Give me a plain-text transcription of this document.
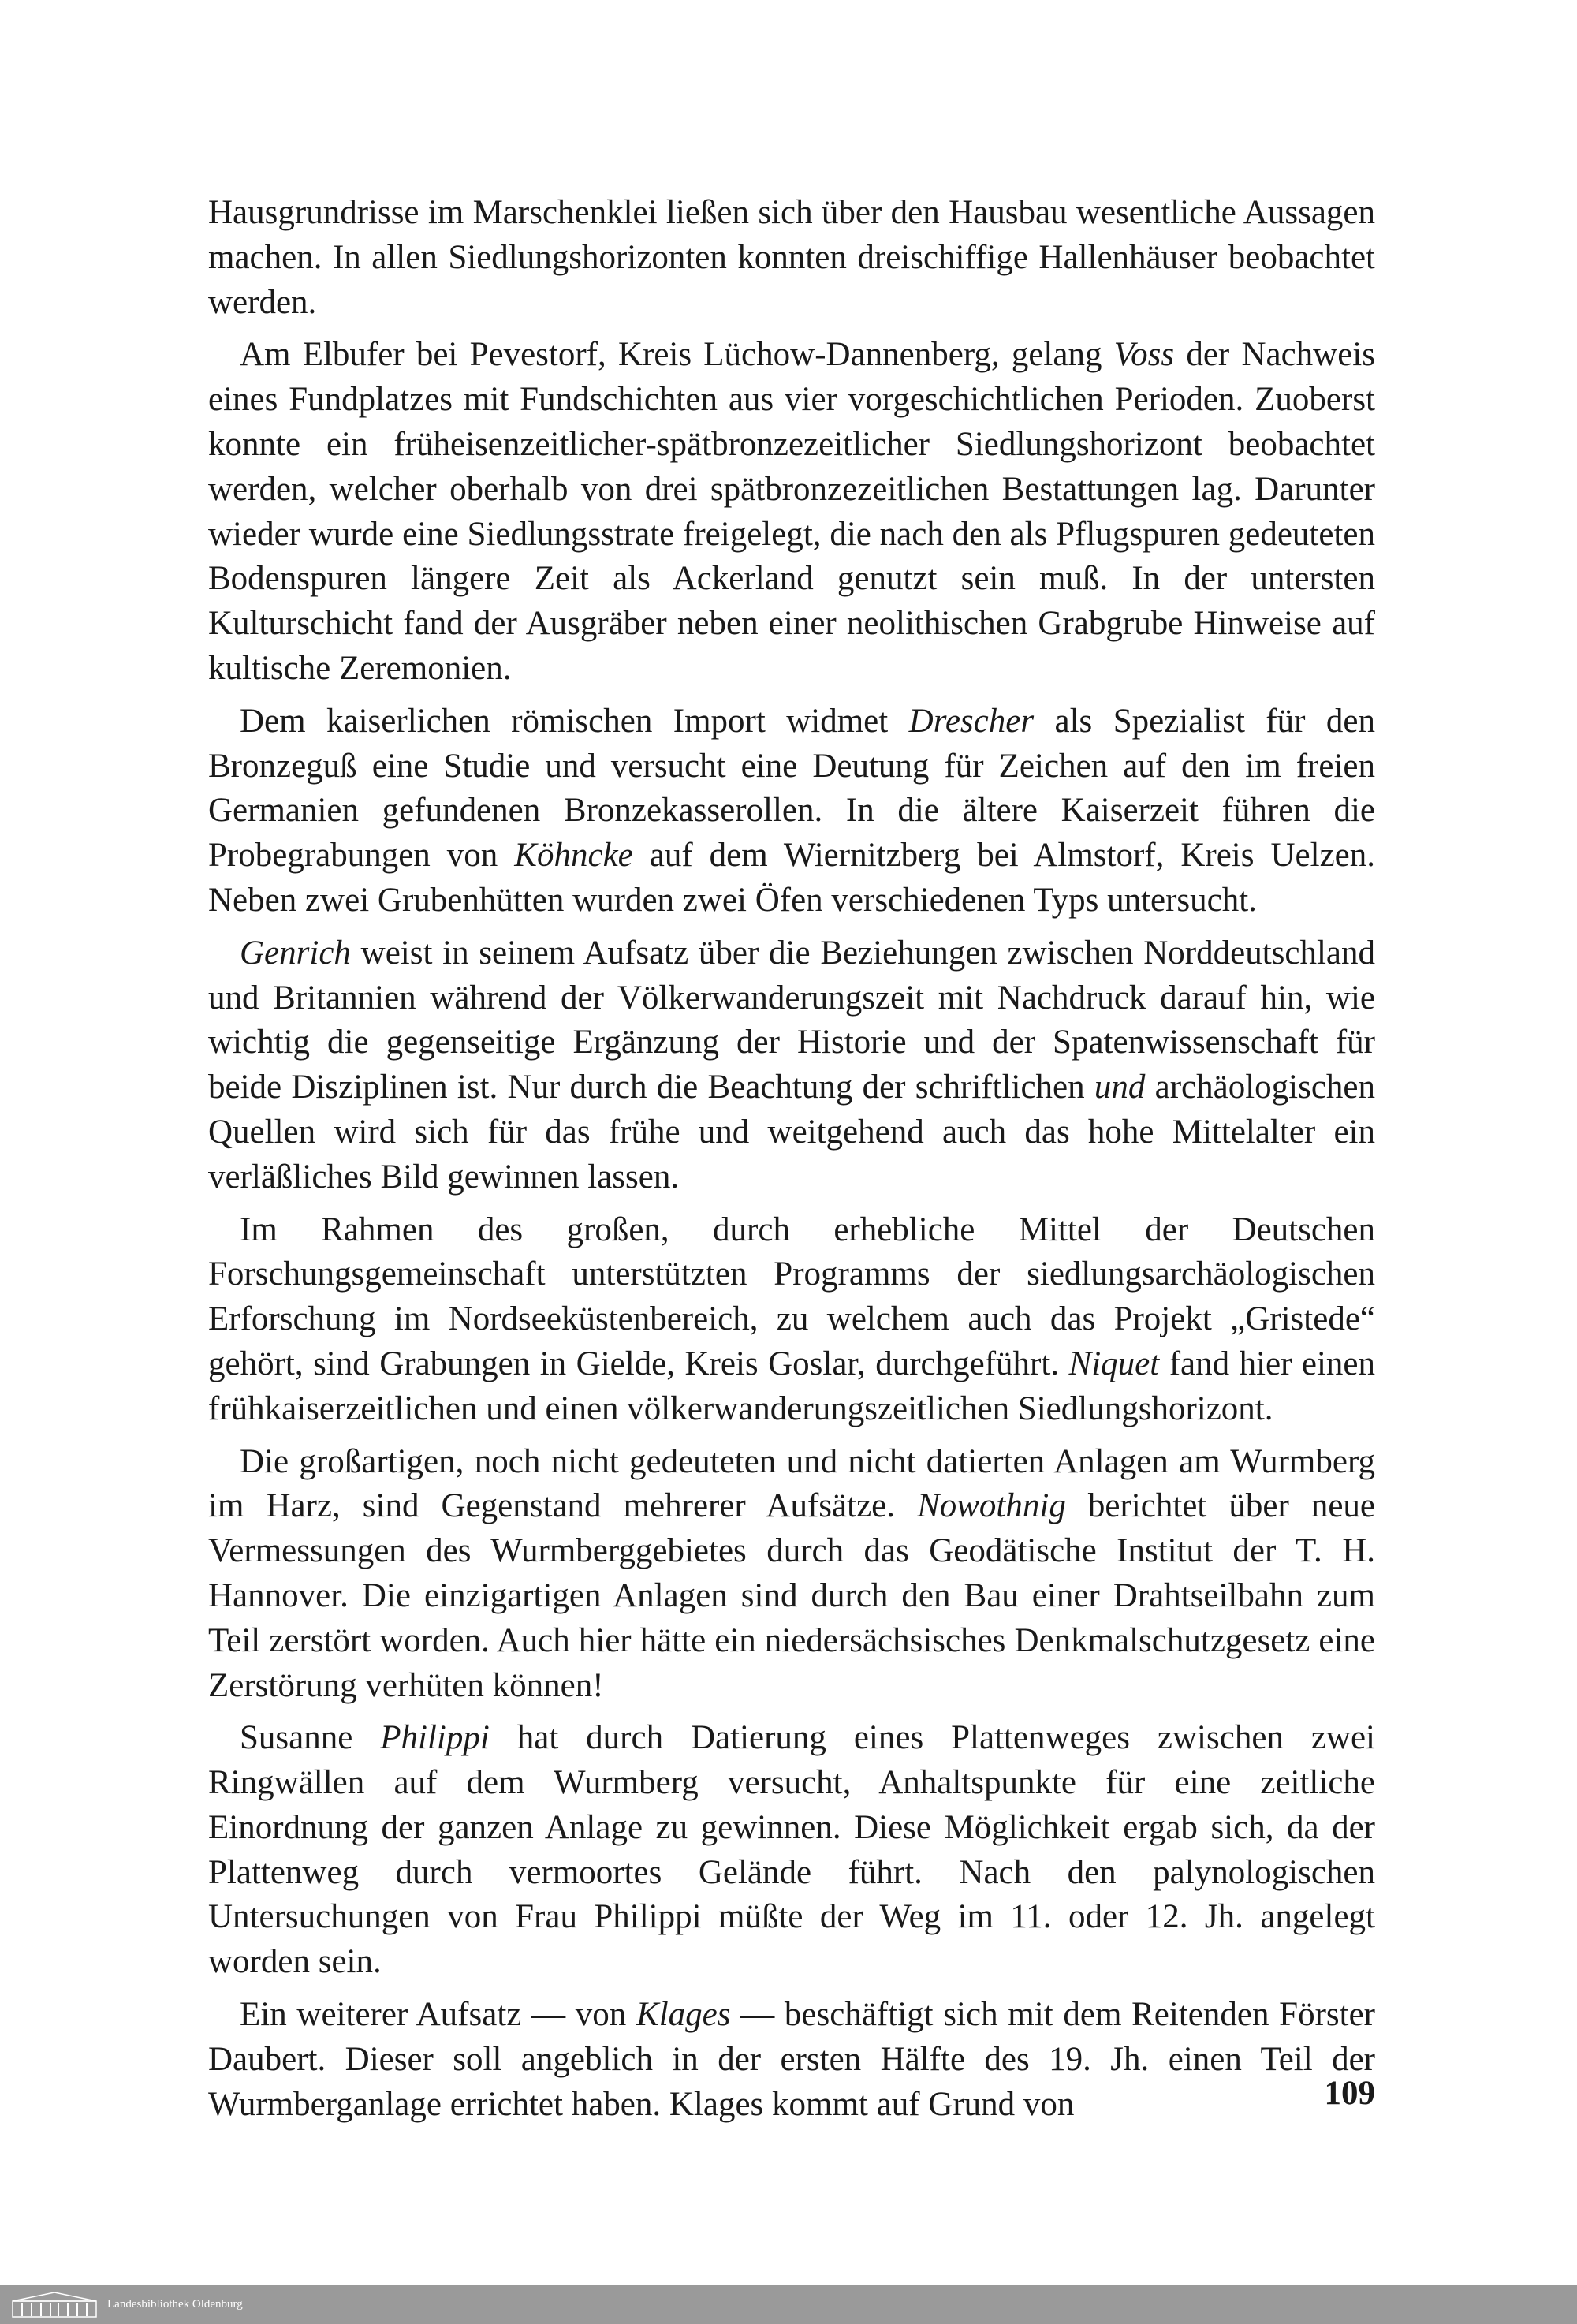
Hausgrundrisse im Marschenklei ließen sich über den Hausbau wesentliche Aussagen machen. In allen Siedlungshorizonten konnten dreischiffige Hallenhäuser beobachtet werden.

Am Elbufer bei Pevestorf, Kreis Lüchow-Dannenberg, gelang Voss der Nachweis eines Fundplatzes mit Fundschichten aus vier vorgeschichtlichen Perioden. Zuoberst konnte ein früheisenzeitlicher-spätbronzezeitlicher Siedlungshorizont beobachtet werden, welcher oberhalb von drei spätbronzezeitlichen Bestattungen lag. Darunter wieder wurde eine Siedlungsstrate freigelegt, die nach den als Pflugspuren gedeuteten Bodenspuren längere Zeit als Ackerland genutzt sein muß. In der untersten Kulturschicht fand der Ausgräber neben einer neolithischen Grabgrube Hinweise auf kultische Zeremonien.

Dem kaiserlichen römischen Import widmet Drescher als Spezialist für den Bronzeguß eine Studie und versucht eine Deutung für Zeichen auf den im freien Germanien gefundenen Bronzekasserollen. In die ältere Kaiserzeit führen die Probegrabungen von Köhncke auf dem Wiernitzberg bei Almstorf, Kreis Uelzen. Neben zwei Grubenhütten wurden zwei Öfen verschiedenen Typs untersucht.

Genrich weist in seinem Aufsatz über die Beziehungen zwischen Norddeutschland und Britannien während der Völkerwanderungszeit mit Nachdruck darauf hin, wie wichtig die gegenseitige Ergänzung der Historie und der Spatenwissenschaft für beide Disziplinen ist. Nur durch die Beachtung der schriftlichen und archäologischen Quellen wird sich für das frühe und weitgehend auch das hohe Mittelalter ein verläßliches Bild gewinnen lassen.

Im Rahmen des großen, durch erhebliche Mittel der Deutschen Forschungsgemeinschaft unterstützten Programms der siedlungsarchäologischen Erforschung im Nordseeküstenbereich, zu welchem auch das Projekt „Gristede“ gehört, sind Grabungen in Gielde, Kreis Goslar, durchgeführt. Niquet fand hier einen frühkaiserzeitlichen und einen völkerwanderungszeitlichen Siedlungshorizont.

Die großartigen, noch nicht gedeuteten und nicht datierten Anlagen am Wurmberg im Harz, sind Gegenstand mehrerer Aufsätze. Nowothnig berichtet über neue Vermessungen des Wurmberggebietes durch das Geodätische Institut der T. H. Hannover. Die einzigartigen Anlagen sind durch den Bau einer Drahtseilbahn zum Teil zerstört worden. Auch hier hätte ein niedersächsisches Denkmalschutzgesetz eine Zerstörung verhüten können!

Susanne Philippi hat durch Datierung eines Plattenweges zwischen zwei Ringwällen auf dem Wurmberg versucht, Anhaltspunkte für eine zeitliche Einordnung der ganzen Anlage zu gewinnen. Diese Möglichkeit ergab sich, da der Plattenweg durch vermoortes Gelände führt. Nach den palynologischen Untersuchungen von Frau Philippi müßte der Weg im 11. oder 12. Jh. angelegt worden sein.

Ein weiterer Aufsatz — von Klages — beschäftigt sich mit dem Reitenden Förster Daubert. Dieser soll angeblich in der ersten Hälfte des 19. Jh. einen Teil der Wurmberganlage errichtet haben. Klages kommt auf Grund von	109
Landesbibliothek Oldenburg
